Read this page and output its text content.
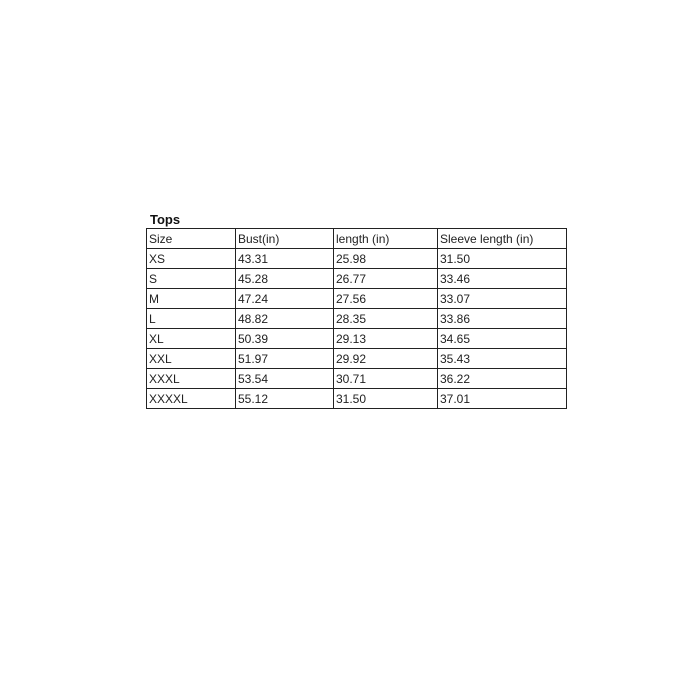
Tops
Size	Bust(in)	length (in)	Sleeve length (in)
XS	43.31	25.98	31.50
S	45.28	26.77	33.46
M	47.24	27.56	33.07
L	48.82	28.35	33.86
XL	50.39	29.13	34.65
XXL	51.97	29.92	35.43
XXXL	53.54	30.71	36.22
XXXXL	55.12	31.50	37.01
